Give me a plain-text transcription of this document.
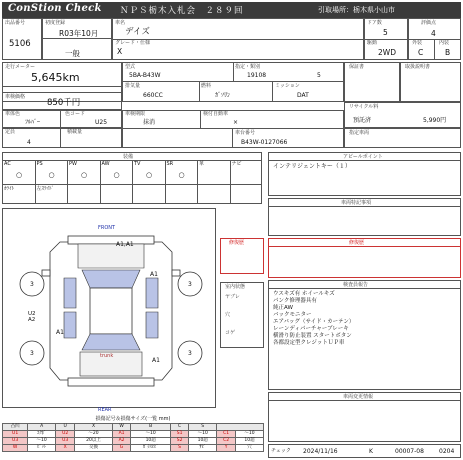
ConStion Check ＮＰＳ栃木入札会　２８９回	引取場所：栃木県小山市
出品番号
5106
初度登録
R03年10月
一般
車名
デイズ
グレード・仕様
X
ドア数
5
駆動
2WD
評価点
4
外装	内装
C	B
走行メーター
5,645km
型式
5BA-B43W
指定・類別
19108	5
排気量
660CC
燃料
ｶﾞｿﾘﾝ
ミッション
DAT
保証書	取扱説明書
車検価格
850千円
車体色
ﾌﾙﾊﾞｰ
色コード
U25
定員
4
積載量
車検期限
抹消
検付自動車
×
車台番号
B43W-0127066
リサイクル料
預託済	5,990円
指定車両
装備
AC	PS	PW	AW	TV	SR	革	ナビ
○	○	○	○	○	○
ｶﾗｲﾄ	左ｽﾗｲﾄﾞ
アピールポイント
インテリジェントキー（１）
車両特記事項
修復歴
検査員報告
ウスキズ有 ホイールキズ
パンク修理器具有
純正AW
バックモニター
エアバッグ（サイド・カーテン）
レーンディパーチャーブレーキ
横滑り防止装置 スタートボタン
各都設定型クレジットＵＰ車
車両変更情報
チェック 2024/11/16	K	00007-08	0204
FRONT
REAR
trunk
A1,A1
A1
A1
U2
A2
A1
3	3
3	3
修復歴
室内状態
ヤブレ
穴
コゲ
損傷記号＆損傷サイズ(一覧 mm)
凸凹	A	U	X	W	B	C	S		
U1	ｴｸﾎﾞ	U2	～20	A1	～10	S1	～10	C1	～10
U3	～10	U3	20以上	A2	10超	S2	10超	C2	10超
W	ﾋﾟｯﾄ	X	交換	G	ｶﾞﾗｽﾋﾋﾞ	S	ｻﾋﾞ	Y	穴
